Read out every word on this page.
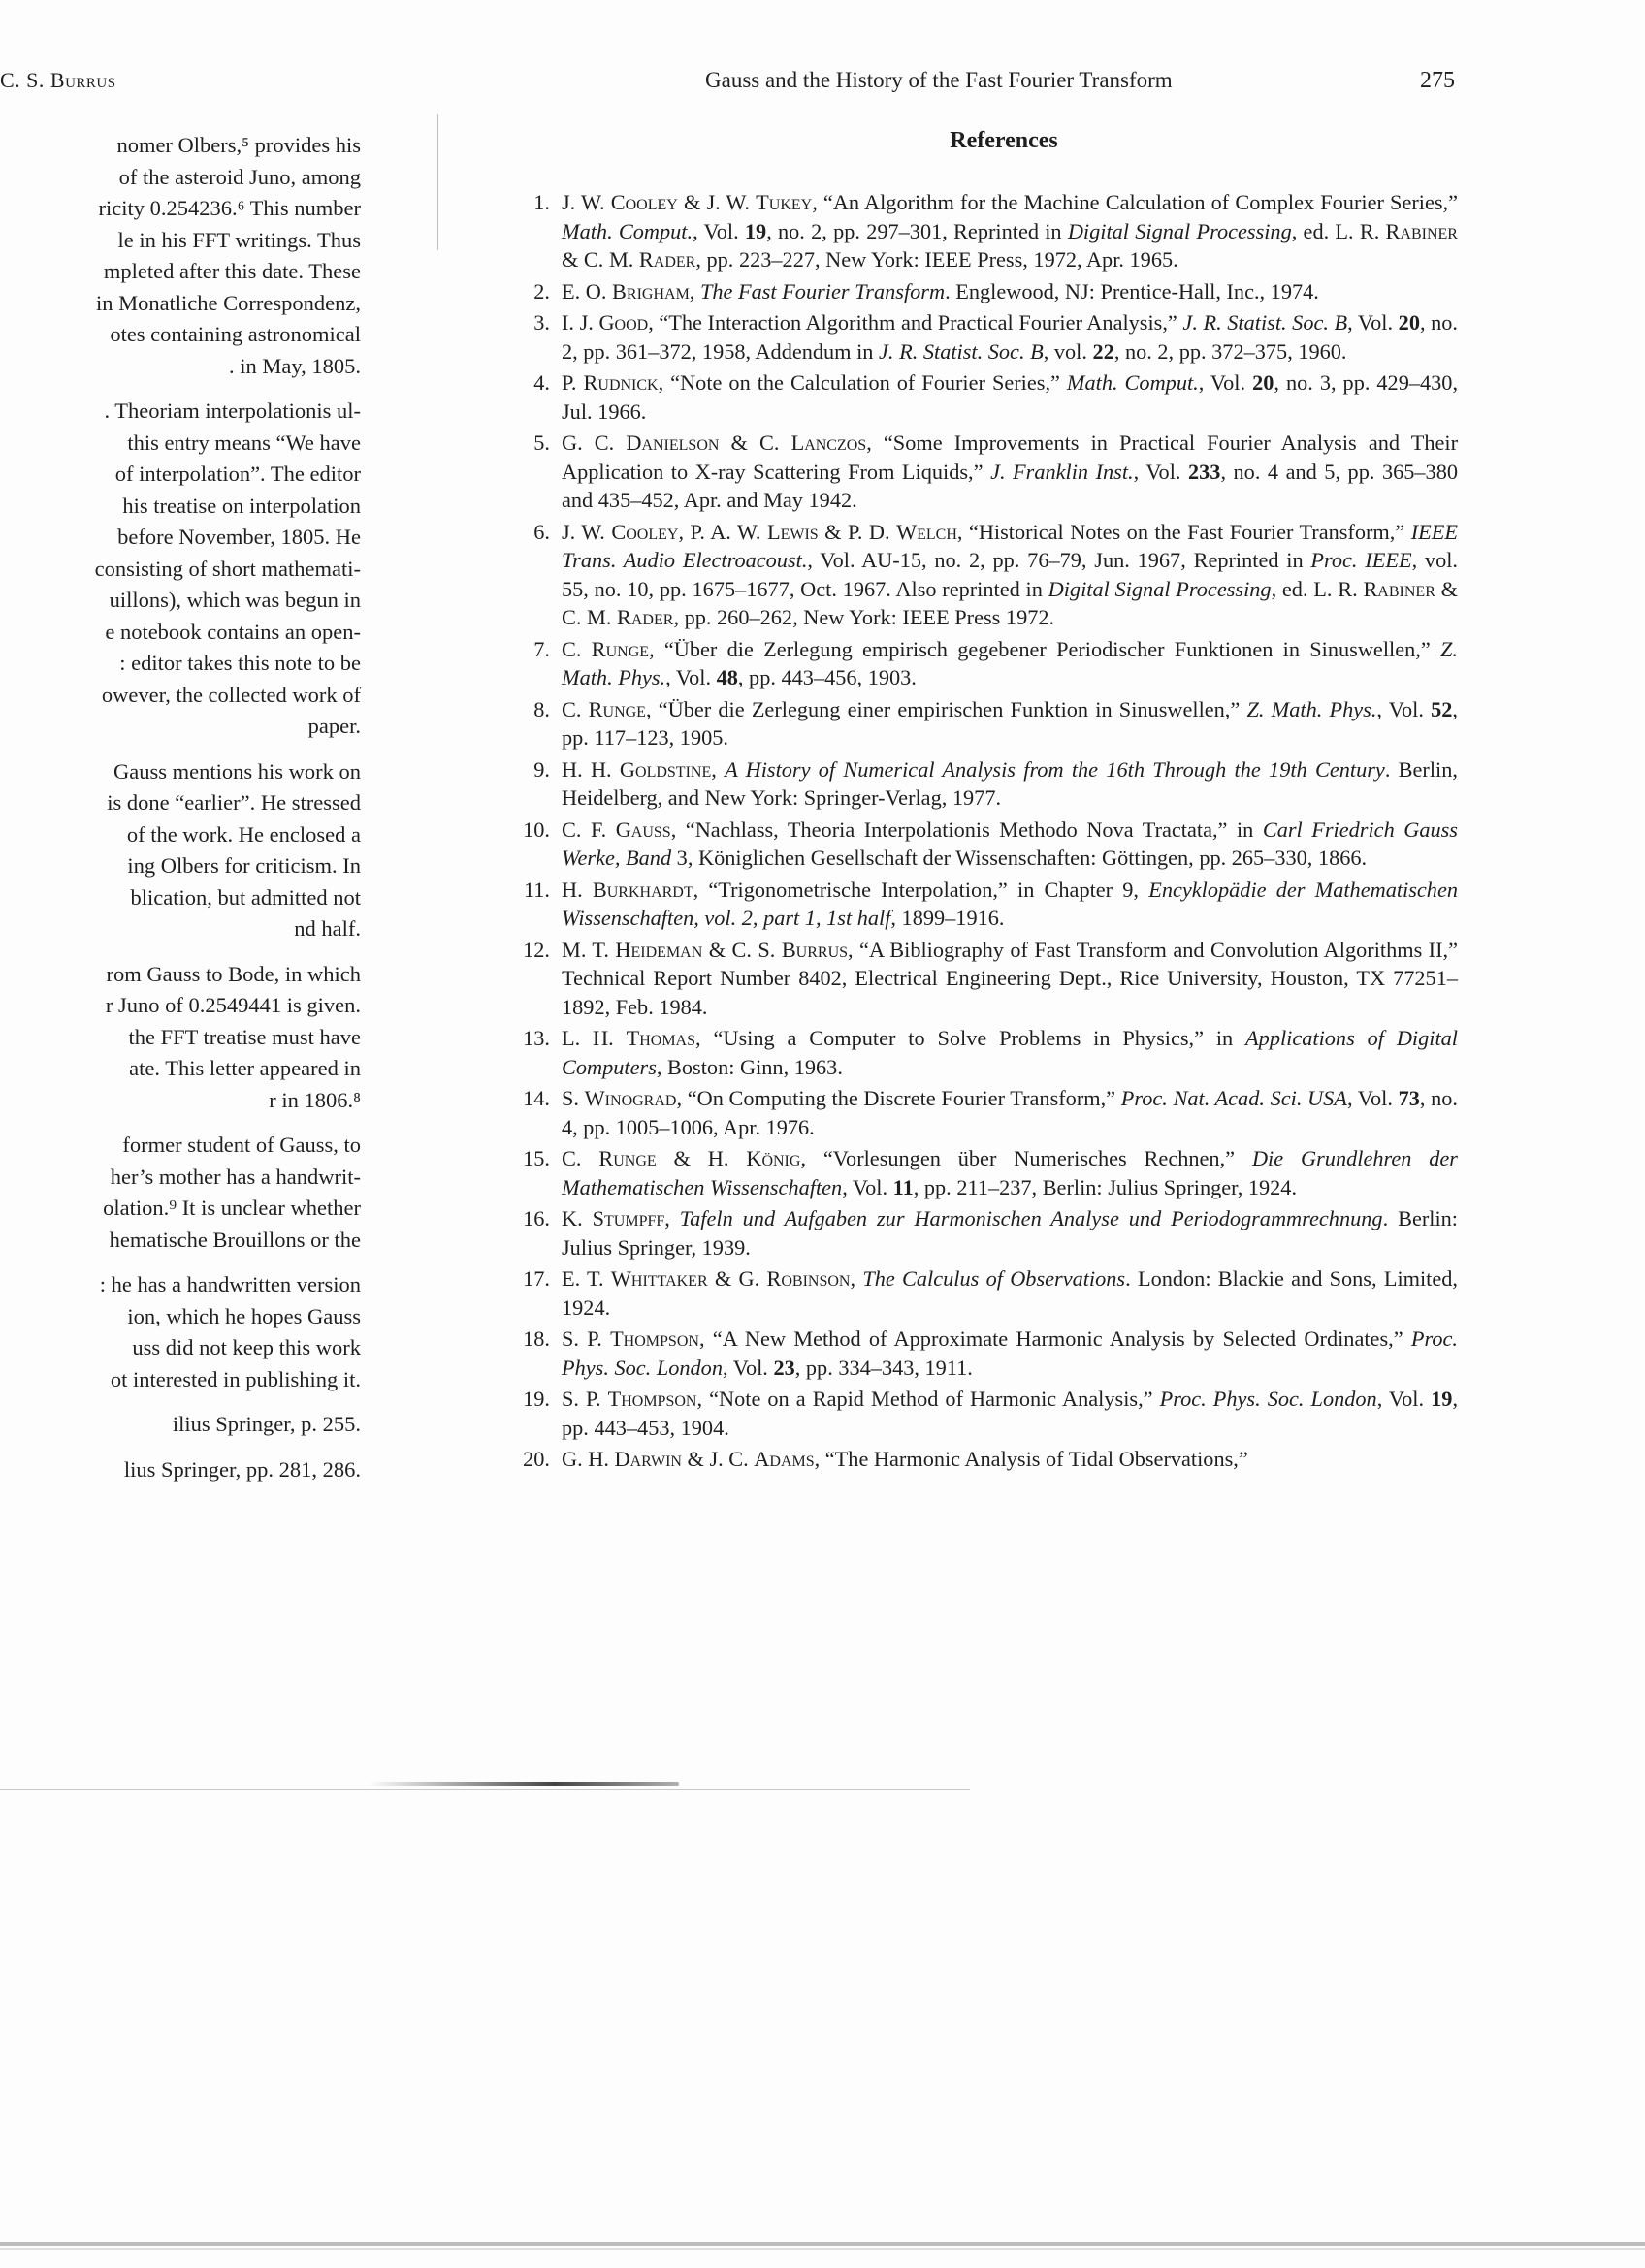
C. S. Burrus	Gauss and the History of the Fast Fourier Transform	275

nomer Olbers,⁵ provides his
of the asteroid Juno, among
ricity 0.254236.⁶ This number
le in his FFT writings. Thus
mpleted after this date. These
in Monatliche Correspondenz,
otes containing astronomical
. in May, 1805.

. Theoriam interpolationis ul-
this entry means “We have
of interpolation”. The editor
his treatise on interpolation
before November, 1805. He
consisting of short mathemati-
uillons), which was begun in
e notebook contains an open-
: editor takes this note to be
owever, the collected work of
paper.

Gauss mentions his work on
is done “earlier”. He stressed
of the work. He enclosed a
ing Olbers for criticism. In
blication, but admitted not
nd half.

rom Gauss to Bode, in which
r Juno of 0.2549441 is given.
the FFT treatise must have
ate. This letter appeared in
r in 1806.⁸

former student of Gauss, to
her’s mother has a handwrit-
olation.⁹ It is unclear whether
hematische Brouillons or the

: he has a handwritten version
ion, which he hopes Gauss
uss did not keep this work
ot interested in publishing it.

ilius Springer, p. 255.

lius Springer, pp. 281, 286.

References
1. J. W. Cooley & J. W. Tukey, “An Algorithm for the Machine Calculation of Complex Fourier Series,” Math. Comput., Vol. 19, no. 2, pp. 297–301, Reprinted in Digital Signal Processing, ed. L. R. Rabiner & C. M. Rader, pp. 223–227, New York: IEEE Press, 1972, Apr. 1965.
2. E. O. Brigham, The Fast Fourier Transform. Englewood, NJ: Prentice-Hall, Inc., 1974.
3. I. J. Good, “The Interaction Algorithm and Practical Fourier Analysis,” J. R. Statist. Soc. B, Vol. 20, no. 2, pp. 361–372, 1958, Addendum in J. R. Statist. Soc. B, vol. 22, no. 2, pp. 372–375, 1960.
4. P. Rudnick, “Note on the Calculation of Fourier Series,” Math. Comput., Vol. 20, no. 3, pp. 429–430, Jul. 1966.
5. G. C. Danielson & C. Lanczos, “Some Improvements in Practical Fourier Analysis and Their Application to X-ray Scattering From Liquids,” J. Franklin Inst., Vol. 233, no. 4 and 5, pp. 365–380 and 435–452, Apr. and May 1942.
6. J. W. Cooley, P. A. W. Lewis & P. D. Welch, “Historical Notes on the Fast Fourier Transform,” IEEE Trans. Audio Electroacoust., Vol. AU-15, no. 2, pp. 76–79, Jun. 1967, Reprinted in Proc. IEEE, vol. 55, no. 10, pp. 1675–1677, Oct. 1967. Also reprinted in Digital Signal Processing, ed. L. R. Rabiner & C. M. Rader, pp. 260–262, New York: IEEE Press 1972.
7. C. Runge, “Über die Zerlegung empirisch gegebener Periodischer Funktionen in Sinuswellen,” Z. Math. Phys., Vol. 48, pp. 443–456, 1903.
8. C. Runge, “Über die Zerlegung einer empirischen Funktion in Sinuswellen,” Z. Math. Phys., Vol. 52, pp. 117–123, 1905.
9. H. H. Goldstine, A History of Numerical Analysis from the 16th Through the 19th Century. Berlin, Heidelberg, and New York: Springer-Verlag, 1977.
10. C. F. Gauss, “Nachlass, Theoria Interpolationis Methodo Nova Tractata,” in Carl Friedrich Gauss Werke, Band 3, Königlichen Gesellschaft der Wissenschaften: Göttingen, pp. 265–330, 1866.
11. H. Burkhardt, “Trigonometrische Interpolation,” in Chapter 9, Encyklopädie der Mathematischen Wissenschaften, vol. 2, part 1, 1st half, 1899–1916.
12. M. T. Heideman & C. S. Burrus, “A Bibliography of Fast Transform and Convolution Algorithms II,” Technical Report Number 8402, Electrical Engineering Dept., Rice University, Houston, TX 77251–1892, Feb. 1984.
13. L. H. Thomas, “Using a Computer to Solve Problems in Physics,” in Applications of Digital Computers, Boston: Ginn, 1963.
14. S. Winograd, “On Computing the Discrete Fourier Transform,” Proc. Nat. Acad. Sci. USA, Vol. 73, no. 4, pp. 1005–1006, Apr. 1976.
15. C. Runge & H. König, “Vorlesungen über Numerisches Rechnen,” Die Grundlehren der Mathematischen Wissenschaften, Vol. 11, pp. 211–237, Berlin: Julius Springer, 1924.
16. K. Stumpff, Tafeln und Aufgaben zur Harmonischen Analyse und Periodogrammrechnung. Berlin: Julius Springer, 1939.
17. E. T. Whittaker & G. Robinson, The Calculus of Observations. London: Blackie and Sons, Limited, 1924.
18. S. P. Thompson, “A New Method of Approximate Harmonic Analysis by Selected Ordinates,” Proc. Phys. Soc. London, Vol. 23, pp. 334–343, 1911.
19. S. P. Thompson, “Note on a Rapid Method of Harmonic Analysis,” Proc. Phys. Soc. London, Vol. 19, pp. 443–453, 1904.
20. G. H. Darwin & J. C. Adams, “The Harmonic Analysis of Tidal Observations,”
